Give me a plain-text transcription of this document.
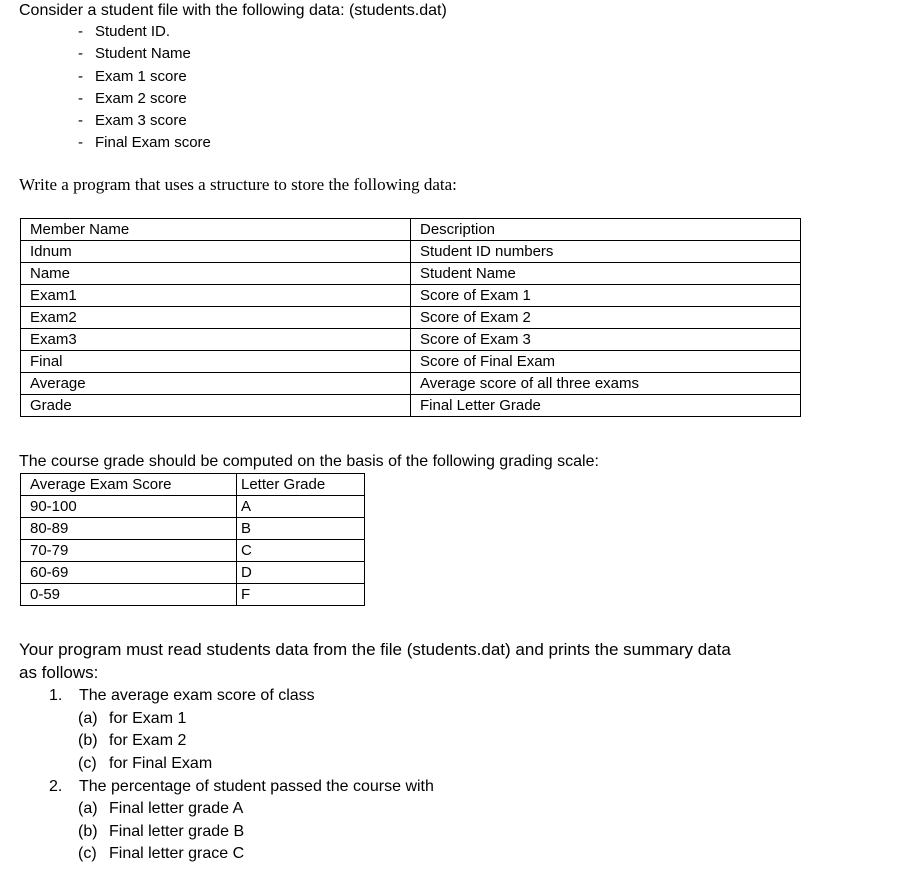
Consider a student file with the following data: (students.dat)
- Student ID.
- Student Name
- Exam 1 score
- Exam 2 score
- Exam 3 score
- Final Exam score
Write a program that uses a structure to store the following data:
Member Name	Description
Idnum	Student ID numbers
Name	Student Name
Exam1	Score of Exam 1
Exam2	Score of Exam 2
Exam3	Score of Exam 3
Final	Score of Final Exam
Average	Average score of all three exams
Grade	Final Letter Grade
The course grade should be computed on the basis of the following grading scale:
Average Exam Score	Letter Grade
90-100	A
80-89	B
70-79	C
60-69	D
0-59	F
Your program must read students data from the file (students.dat) and prints the summary data
as follows:
1. The average exam score of class
(a) for Exam 1
(b) for Exam 2
(c) for Final Exam
2. The percentage of student passed the course with
(a) Final letter grade A
(b) Final letter grade B
(c) Final letter grace C
